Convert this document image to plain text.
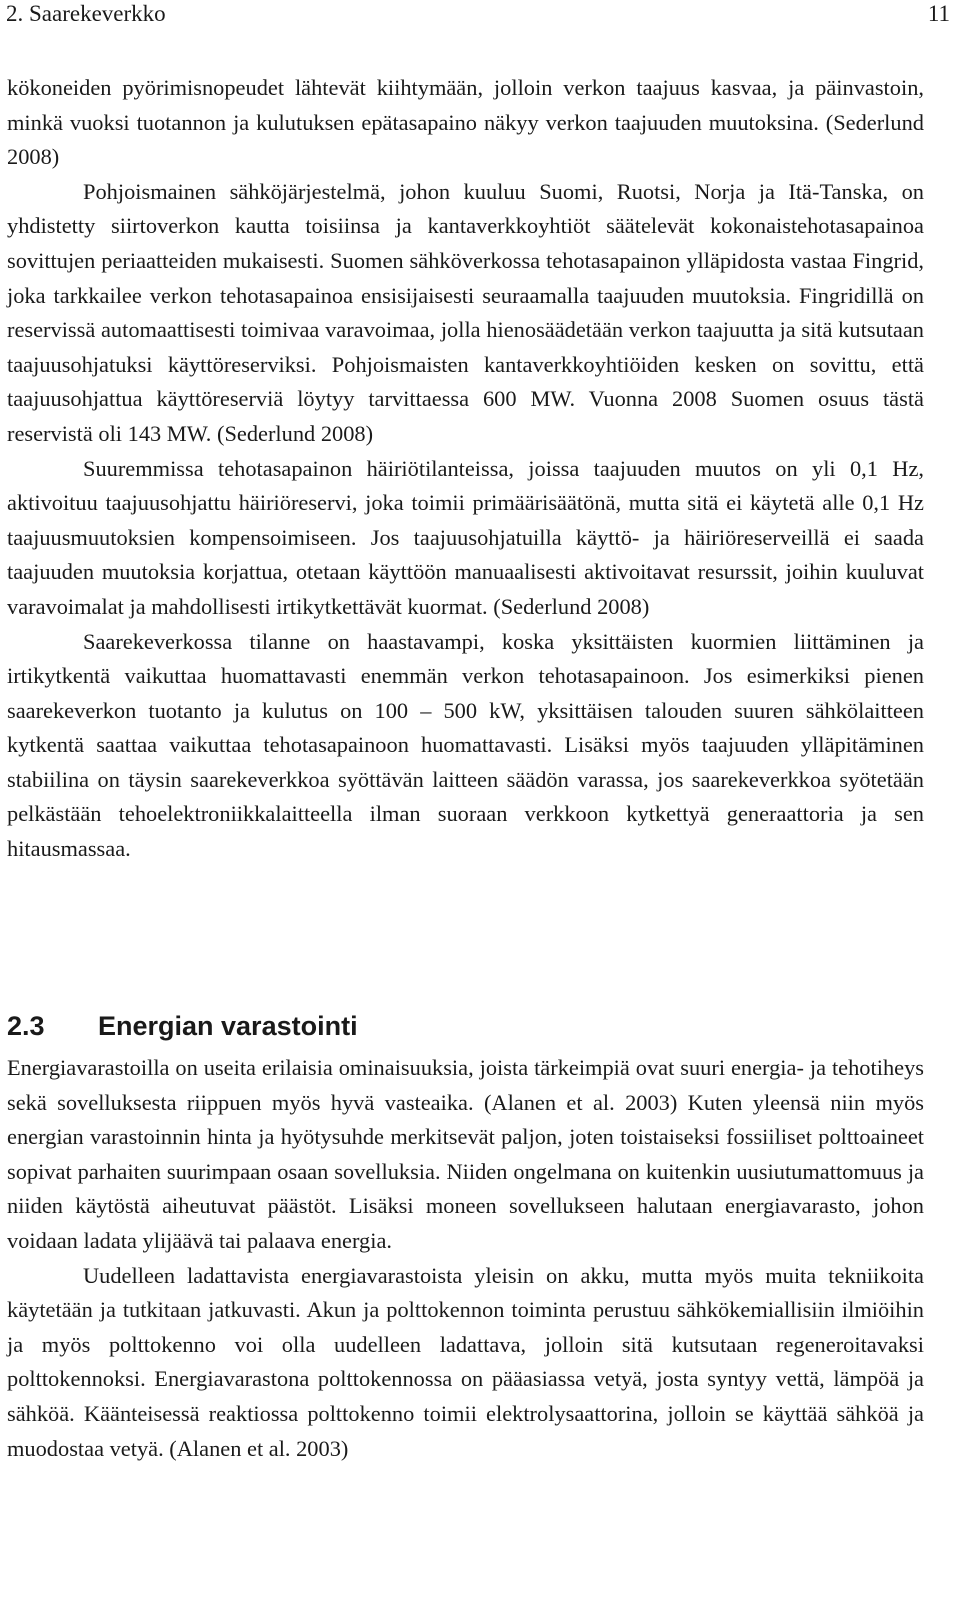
2. Saarekeverkko	11

kökoneiden pyörimisnopeudet lähtevät kiihtymään, jolloin verkon taajuus kasvaa, ja päinvastoin, minkä vuoksi tuotannon ja kulutuksen epätasapaino näkyy verkon taajuuden muutoksina. (Sederlund 2008)

Pohjoismainen sähköjärjestelmä, johon kuuluu Suomi, Ruotsi, Norja ja Itä-Tanska, on yhdistetty siirtoverkon kautta toisiinsa ja kantaverkkoyhtiöt säätelevät kokonaistehotasapainoa sovittujen periaatteiden mukaisesti. Suomen sähköverkossa tehotasapainon ylläpidosta vastaa Fingrid, joka tarkkailee verkon tehotasapainoa ensisijaisesti seuraamalla taajuuden muutoksia. Fingridillä on reservissä automaattisesti toimivaa varavoimaa, jolla hienosäädetään verkon taajuutta ja sitä kutsutaan taajuusohjatuksi käyttöreserviksi. Pohjoismaisten kantaverkkoyhtiöiden kesken on sovittu, että taajuusohjattua käyttöreserviä löytyy tarvittaessa 600 MW. Vuonna 2008 Suomen osuus tästä reservistä oli 143 MW. (Sederlund 2008)

Suuremmissa tehotasapainon häiriötilanteissa, joissa taajuuden muutos on yli 0,1 Hz, aktivoituu taajuusohjattu häiriöreservi, joka toimii primäärisäätönä, mutta sitä ei käytetä alle 0,1 Hz taajuusmuutoksien kompensoimiseen. Jos taajuusohjatuilla käyttö- ja häiriöreserveillä ei saada taajuuden muutoksia korjattua, otetaan käyttöön manuaalisesti aktivoitavat resurssit, joihin kuuluvat varavoimalat ja mahdollisesti irtikytkettävät kuormat. (Sederlund 2008)

Saarekeverkossa tilanne on haastavampi, koska yksittäisten kuormien liittäminen ja irtikytkentä vaikuttaa huomattavasti enemmän verkon tehotasapainoon. Jos esimerkiksi pienen saarekeverkon tuotanto ja kulutus on 100 – 500 kW, yksittäisen talouden suuren sähkölaitteen kytkentä saattaa vaikuttaa tehotasapainoon huomattavasti. Lisäksi myös taajuuden ylläpitäminen stabiilina on täysin saarekeverkkoa syöttävän laitteen säädön varassa, jos saarekeverkkoa syötetään pelkästään tehoelektroniikkalaitteella ilman suoraan verkkoon kytkettyä generaattoria ja sen hitausmassaa.

2.3 Energian varastointi

Energiavarastoilla on useita erilaisia ominaisuuksia, joista tärkeimpiä ovat suuri energia- ja tehotiheys sekä sovelluksesta riippuen myös hyvä vasteaika. (Alanen et al. 2003) Kuten yleensä niin myös energian varastoinnin hinta ja hyötysuhde merkitsevät paljon, joten toistaiseksi fossiiliset polttoaineet sopivat parhaiten suurimpaan osaan sovelluksia. Niiden ongelmana on kuitenkin uusiutumattomuus ja niiden käytöstä aiheutuvat päästöt. Lisäksi moneen sovellukseen halutaan energiavarasto, johon voidaan ladata ylijäävä tai palaava energia.

Uudelleen ladattavista energiavarastoista yleisin on akku, mutta myös muita tekniikoita käytetään ja tutkitaan jatkuvasti. Akun ja polttokennon toiminta perustuu sähkökemiallisiin ilmiöihin ja myös polttokenno voi olla uudelleen ladattava, jolloin sitä kutsutaan regeneroitavaksi polttokennoksi. Energiavarastona polttokennossa on pääasiassa vetyä, josta syntyy vettä, lämpöä ja sähköä. Käänteisessä reaktiossa polttokenno toimii elektrolysaattorina, jolloin se käyttää sähköä ja muodostaa vetyä. (Alanen et al. 2003)
